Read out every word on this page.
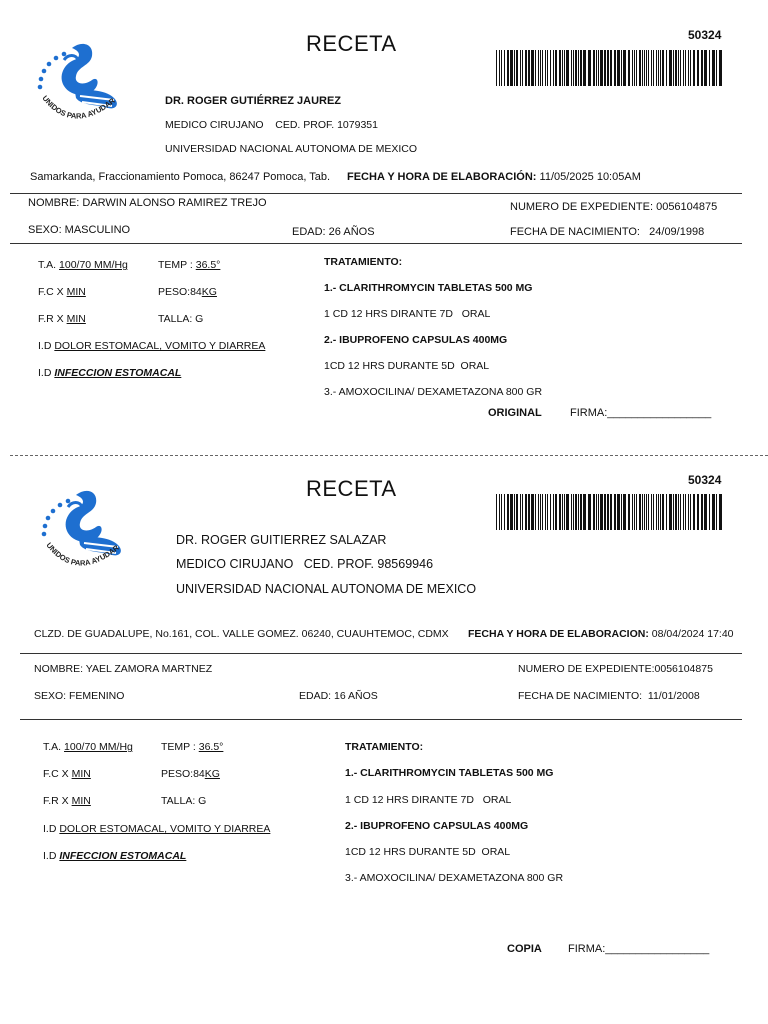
UNIDOS PARA AYUDAR
RECETA	50324
DR. ROGER GUTIÉRREZ JAUREZ
MEDICO CIRUJANO    CED. PROF. 1079351
UNIVERSIDAD NACIONAL AUTONOMA DE MEXICO
Samarkanda, Fraccionamiento Pomoca, 86247 Pomoca, Tab. FECHA Y HORA DE ELABORACIÓN: 11/05/2025 10:05AM
NOMBRE: DARWIN ALONSO RAMIREZ TREJO	NUMERO DE EXPEDIENTE: 0056104875
SEXO: MASCULINO	EDAD: 26 AÑOS	FECHA DE NACIMIENTO:   24/09/1998
T.A. 100/70 MM/Hg	TEMP : 36.5°
F.C X MIN	PESO:84KG
F.R X MIN	TALLA: G
I.D DOLOR ESTOMACAL, VOMITO Y DIARREA
I.D INFECCION ESTOMACAL
TRATAMIENTO:
1.- CLARITHROMYCIN TABLETAS 500 MG
1 CD 12 HRS DIRANTE 7D   ORAL
2.- IBUPROFENO CAPSULAS 400MG
1CD 12 HRS DURANTE 5D  ORAL
3.- AMOXOCILINA/ DEXAMETAZONA 800 GR
ORIGINAL	FIRMA:_________________
UNIDOS PARA AYUDAR
RECETA	50324
DR. ROGER GUITIERREZ SALAZAR
MEDICO CIRUJANO   CED. PROF. 98569946
UNIVERSIDAD NACIONAL AUTONOMA DE MEXICO
CLZD. DE GUADALUPE, No.161, COL. VALLE GOMEZ. 06240, CUAUHTEMOC, CDMX FECHA Y HORA DE ELABORACION: 08/04/2024 17:40
NOMBRE: YAEL ZAMORA MARTNEZ	NUMERO DE EXPEDIENTE:0056104875
SEXO: FEMENINO	EDAD: 16 AÑOS	FECHA DE NACIMIENTO:  11/01/2008
T.A. 100/70 MM/Hg	TEMP : 36.5°
F.C X MIN	PESO:84KG
F.R X MIN	TALLA: G
I.D DOLOR ESTOMACAL, VOMITO Y DIARREA
I.D INFECCION ESTOMACAL
TRATAMIENTO:
1.- CLARITHROMYCIN TABLETAS 500 MG
1 CD 12 HRS DIRANTE 7D   ORAL
2.- IBUPROFENO CAPSULAS 400MG
1CD 12 HRS DURANTE 5D  ORAL
3.- AMOXOCILINA/ DEXAMETAZONA 800 GR
COPIA FIRMA:_________________
